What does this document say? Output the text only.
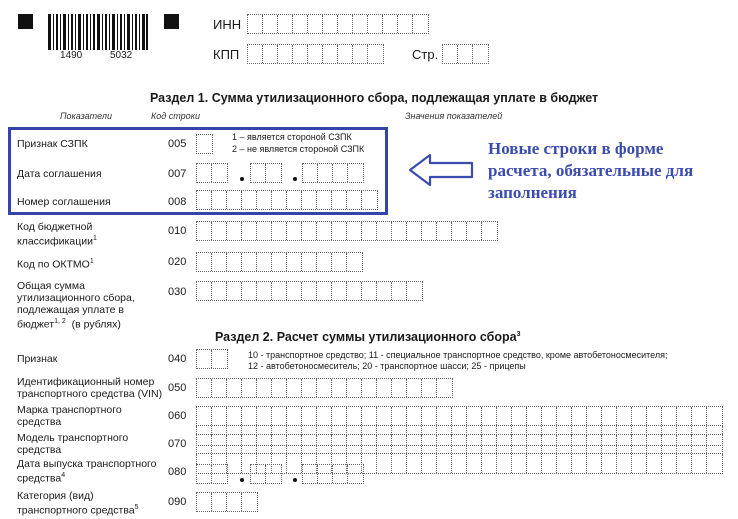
1490	5032
ИНН
КПП	Стр.
Раздел 1. Сумма утилизационного сбора, подлежащая уплате в бюджет
Показатели	Код строки	Значения показателей
Признак СЗПК	005
1 – является стороной СЗПК
2 – не является стороной СЗПК
Дата соглашения	007
Номер соглашения	008
Новые строки в форме расчета, обязательные для заполнения
Код бюджетной классификации$^1$
010
Код по ОКТМО$^1$	020
Общая сумма утилизационного сбора, подлежащая уплате в бюджет$^{1, 2}$ (в рублях)
030
Раздел 2. Расчет суммы утилизационного сбора$^3$
Признак	040	10 - транспортное средство; 11 - специальное транспортное средство, кроме автобетоносмесителя;
12 - автобетоносмеситель; 20 - транспортное шасси; 25 - прицепы
Идентификационный номер транспортного средства (VIN) 050
Марка транспортного средства	060
Модель транспортного средства	070
Дата выпуска транспортного средства$^4$	080
Категория (вид) транспортного средства$^5$	090
